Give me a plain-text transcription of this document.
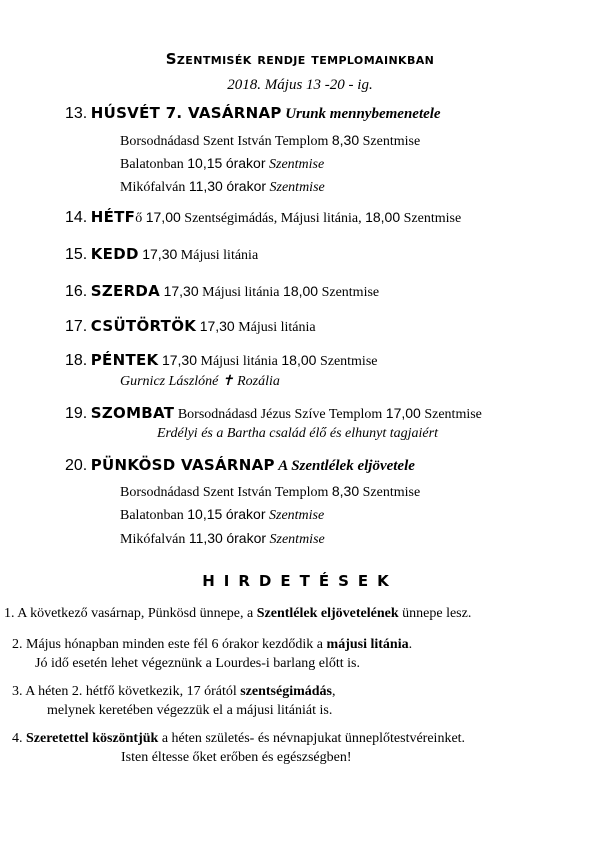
Szentmisék rendje templomainkban
2018. Május 13 -20 - ig.
13. HÚSVÉT 7. VASÁRNAP Urunk mennybemenetele
Borsodnádasd Szent István Templom 8,30 Szentmise
Balatonban 10,15 órakor Szentmise
Mikófalván 11,30 órakor Szentmise
14. HÉTFő 17,00 Szentségimádás, Májusi litánia, 18,00 Szentmise
15. KEDD 17,30 Májusi litánia
16. SZERDA 17,30 Májusi litánia 18,00 Szentmise
17. CSÜTÖRTÖK 17,30 Májusi litánia
18. PÉNTEK 17,30 Májusi litánia 18,00 Szentmise
Gurnicz Lászlóné ✝ Rozália
19. SZOMBAT Borsodnádasd Jézus Szíve Templom 17,00 Szentmise
Erdélyi és a Bartha család élő és elhunyt tagjaiért
20. PÜNKÖSD VASÁRNAP A Szentlélek eljövetele
Borsodnádasd Szent István Templom 8,30 Szentmise
Balatonban 10,15 órakor Szentmise
Mikófalván 11,30 órakor Szentmise
HIRDETÉSEK
1. A következő vasárnap, Pünkösd ünnepe, a Szentlélek eljövetelének ünnepe lesz.
2. Május hónapban minden este fél 6 órakor kezdődik a májusi litánia.
Jó idő esetén lehet végeznünk a Lourdes-i barlang előtt is.
3. A héten 2. hétfő következik, 17 órától szentségimádás,
melynek keretében végezzük el a májusi litániát is.
4. Szeretettel köszöntjük a héten születés- és névnapjukat ünneplőtestvéreinket.
Isten éltesse őket erőben és egészségben!
